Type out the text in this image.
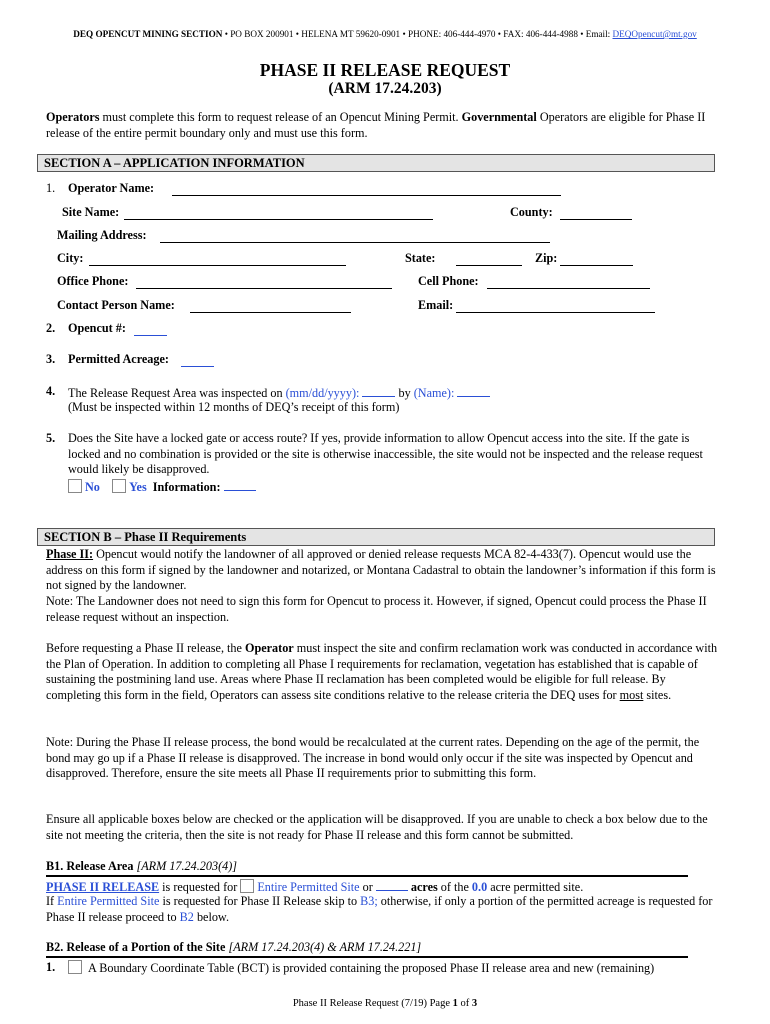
DEQ OPENCUT MINING SECTION • PO BOX 200901 • HELENA MT 59620-0901 • PHONE: 406-444-4970 • FAX: 406-444-4988 • Email: DEQOpencut@mt.gov
PHASE II RELEASE REQUEST
(ARM 17.24.203)
Operators must complete this form to request release of an Opencut Mining Permit. Governmental Operators are eligible for Phase II release of the entire permit boundary only and must use this form.
SECTION A – APPLICATION INFORMATION
1. Operator Name:
Site Name:	County:
Mailing Address:
City:	State:	Zip:
Office Phone:	Cell Phone:
Contact Person Name:	Email:
2. Opencut #:
3. Permitted Acreage:
4. The Release Request Area was inspected on (mm/dd/yyyy):	by (Name):
(Must be inspected within 12 months of DEQ’s receipt of this form)
5. Does the Site have a locked gate or access route? If yes, provide information to allow Opencut access into the site. If the gate is locked and no combination is provided or the site is otherwise inaccessible, the site would not be inspected and the release request would likely be disapproved.
No Yes Information:
SECTION B – Phase II Requirements
Phase II: Opencut would notify the landowner of all approved or denied release requests MCA 82-4-433(7). Opencut would use the address on this form if signed by the landowner and notarized, or Montana Cadastral to obtain the landowner’s information if this form is not signed by the landowner.
Note: The Landowner does not need to sign this form for Opencut to process it. However, if signed, Opencut could process the Phase II release request without an inspection.
Before requesting a Phase II release, the Operator must inspect the site and confirm reclamation work was conducted in accordance with the Plan of Operation. In addition to completing all Phase I requirements for reclamation, vegetation has established that is capable of sustaining the postmining land use. Areas where Phase II reclamation has been completed would be eligible for full release. By completing this form in the field, Operators can assess site conditions relative to the release criteria the DEQ uses for most sites.
Note: During the Phase II release process, the bond would be recalculated at the current rates. Depending on the age of the permit, the bond may go up if a Phase II release is disapproved. The increase in bond would only occur if the site was inspected by Opencut and disapproved. Therefore, ensure the site meets all Phase II requirements prior to submitting this form.
Ensure all applicable boxes below are checked or the application will be disapproved. If you are unable to check a box below due to the site not meeting the criteria, then the site is not ready for Phase II release and this form cannot be submitted.
B1. Release Area [ARM 17.24.203(4)]
PHASE II RELEASE is requested for Entire Permitted Site or	acres of the 0.0 acre permitted site.
If Entire Permitted Site is requested for Phase II Release skip to B3; otherwise, if only a portion of the permitted acreage is requested for Phase II release proceed to B2 below.
B2. Release of a Portion of the Site [ARM 17.24.203(4) & ARM 17.24.221]
1.	A Boundary Coordinate Table (BCT) is provided containing the proposed Phase II release area and new (remaining)
Phase II Release Request (7/19) Page 1 of 3
